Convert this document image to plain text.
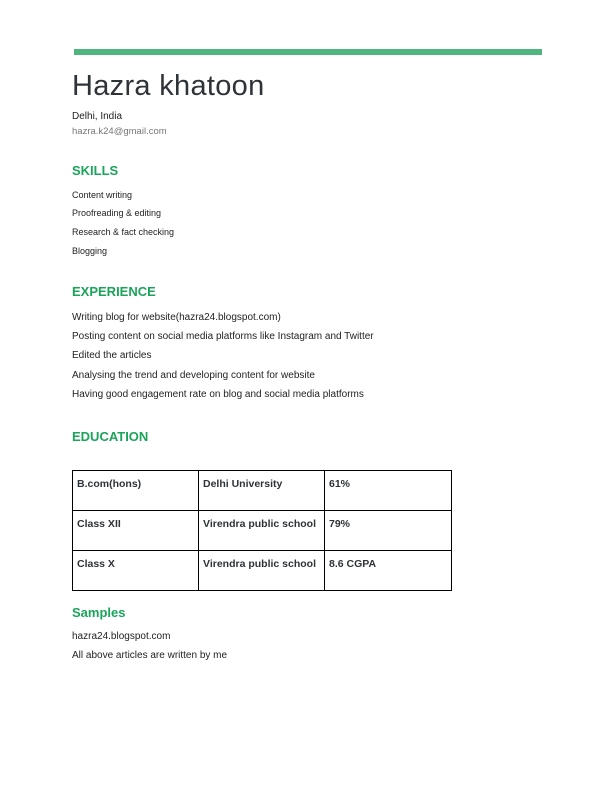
Hazra khatoon
Delhi, India
hazra.k24@gmail.com
SKILLS
Content writing
Proofreading & editing
Research & fact checking
Blogging
EXPERIENCE
Writing blog for website(hazra24.blogspot.com)
Posting content on social media platforms like Instagram and Twitter
Edited the articles
Analysing the trend and developing content for website
Having good engagement rate on blog and social media platforms
EDUCATION
B.com(hons)	Delhi University	61%
Class XII	Virendra public school	79%
Class X	Virendra public school	8.6 CGPA
Samples
hazra24.blogspot.com
All above articles are written by me
